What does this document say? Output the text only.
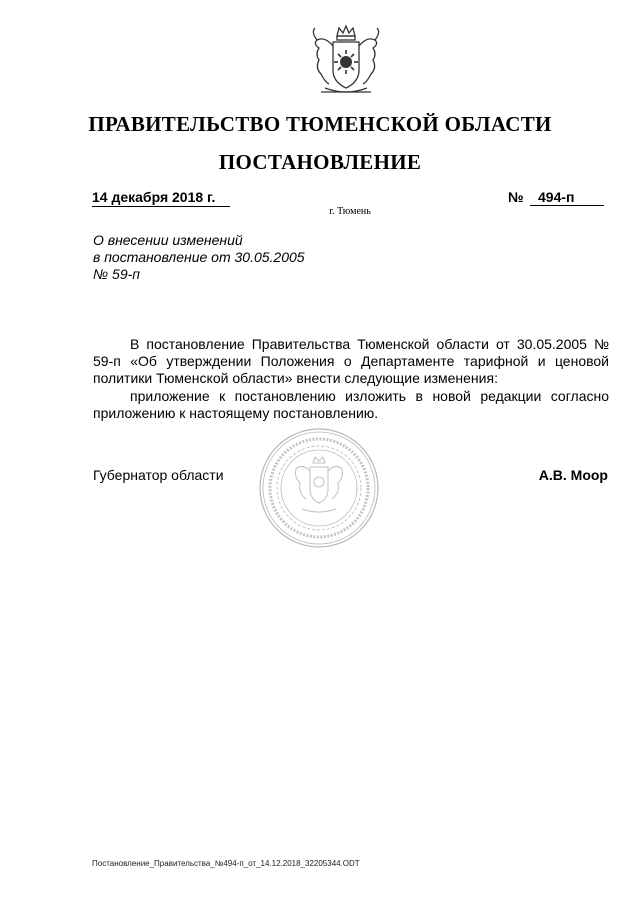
ПРАВИТЕЛЬСТВО ТЮМЕНСКОЙ ОБЛАСТИ
ПОСТАНОВЛЕНИЕ
14 декабря 2018 г.	№	494-п
г. Тюмень
О внесении изменений
в постановление от 30.05.2005
№ 59-п
В постановление Правительства Тюменской области от 30.05.2005 № 59-п «Об утверждении Положения о Департаменте тарифной и ценовой политики Тюменской области» внести следующие изменения:
приложение к постановлению изложить в новой редакции согласно приложению к настоящему постановлению.
Губернатор области	А.В. Моор
Постановление_Правительства_№494-п_от_14.12.2018_32205344.ODT
